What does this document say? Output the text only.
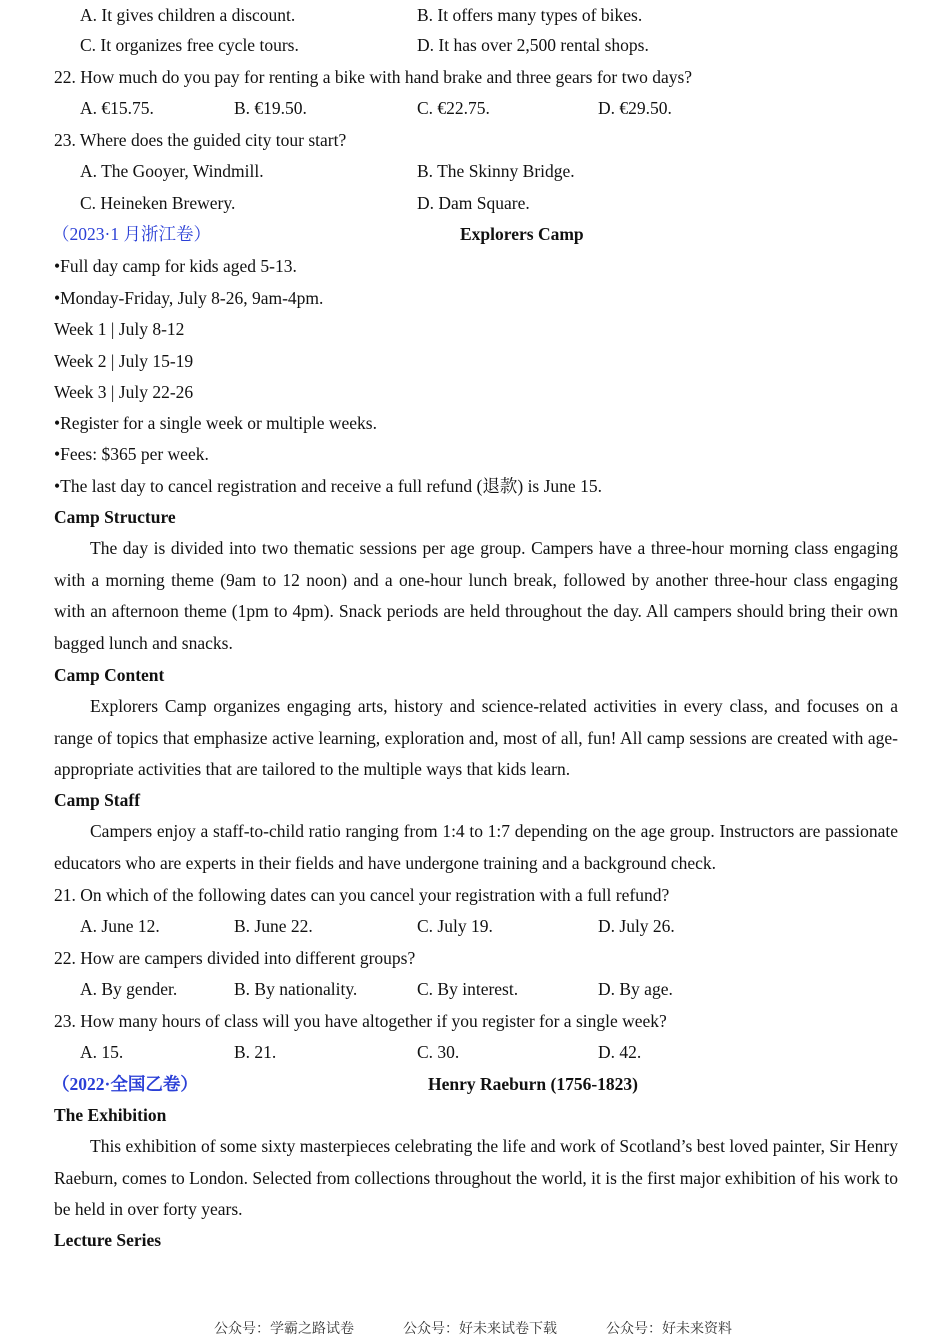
A. It gives children a discount.	B. It offers many types of bikes.
C. It organizes free cycle tours.	D. It has over 2,500 rental shops.
22. How much do you pay for renting a bike with hand brake and three gears for two days?
A. €15.75.	B. €19.50.	C. €22.75.	D. €29.50.
23. Where does the guided city tour start?
A. The Gooyer, Windmill.	B. The Skinny Bridge.
C. Heineken Brewery.	D. Dam Square.
（2023·1 月浙江卷）	Explorers Camp
•Full day camp for kids aged 5-13.
•Monday-Friday, July 8-26, 9am-4pm.
Week 1 | July 8-12
Week 2 | July 15-19
Week 3 | July 22-26
•Register for a single week or multiple weeks.
•Fees: $365 per week.
•The last day to cancel registration and receive a full refund (退款) is June 15.
Camp Structure
The day is divided into two thematic sessions per age group. Campers have a three-hour morning class engaging with a morning theme (9am to 12 noon) and a one-hour lunch break, followed by another three-hour class engaging with an afternoon theme (1pm to 4pm). Snack periods are held throughout the day. All campers should bring their own bagged lunch and snacks.
Camp Content
Explorers Camp organizes engaging arts, history and science-related activities in every class, and focuses on a range of topics that emphasize active learning, exploration and, most of all, fun! All camp sessions are created with age-appropriate activities that are tailored to the multiple ways that kids learn.
Camp Staff
Campers enjoy a staff-to-child ratio ranging from 1:4 to 1:7 depending on the age group. Instructors are passionate educators who are experts in their fields and have undergone training and a background check.
21. On which of the following dates can you cancel your registration with a full refund?
A. June 12.	B. June 22.	C. July 19.	D. July 26.
22. How are campers divided into different groups?
A. By gender.	B. By nationality.	C. By interest.	D. By age.
23. How many hours of class will you have altogether if you register for a single week?
A. 15.	B. 21.	C. 30.	D. 42.
（2022·全国乙卷）	Henry Raeburn (1756-1823)
The Exhibition
This exhibition of some sixty masterpieces celebrating the life and work of Scotland’s best loved painter, Sir Henry Raeburn, comes to London. Selected from collections throughout the world, it is the first major exhibition of his work to be held in over forty years.
Lecture Series
公众号：学霸之路试卷	公众号：好未来试卷下载	公众号：好未来资料
